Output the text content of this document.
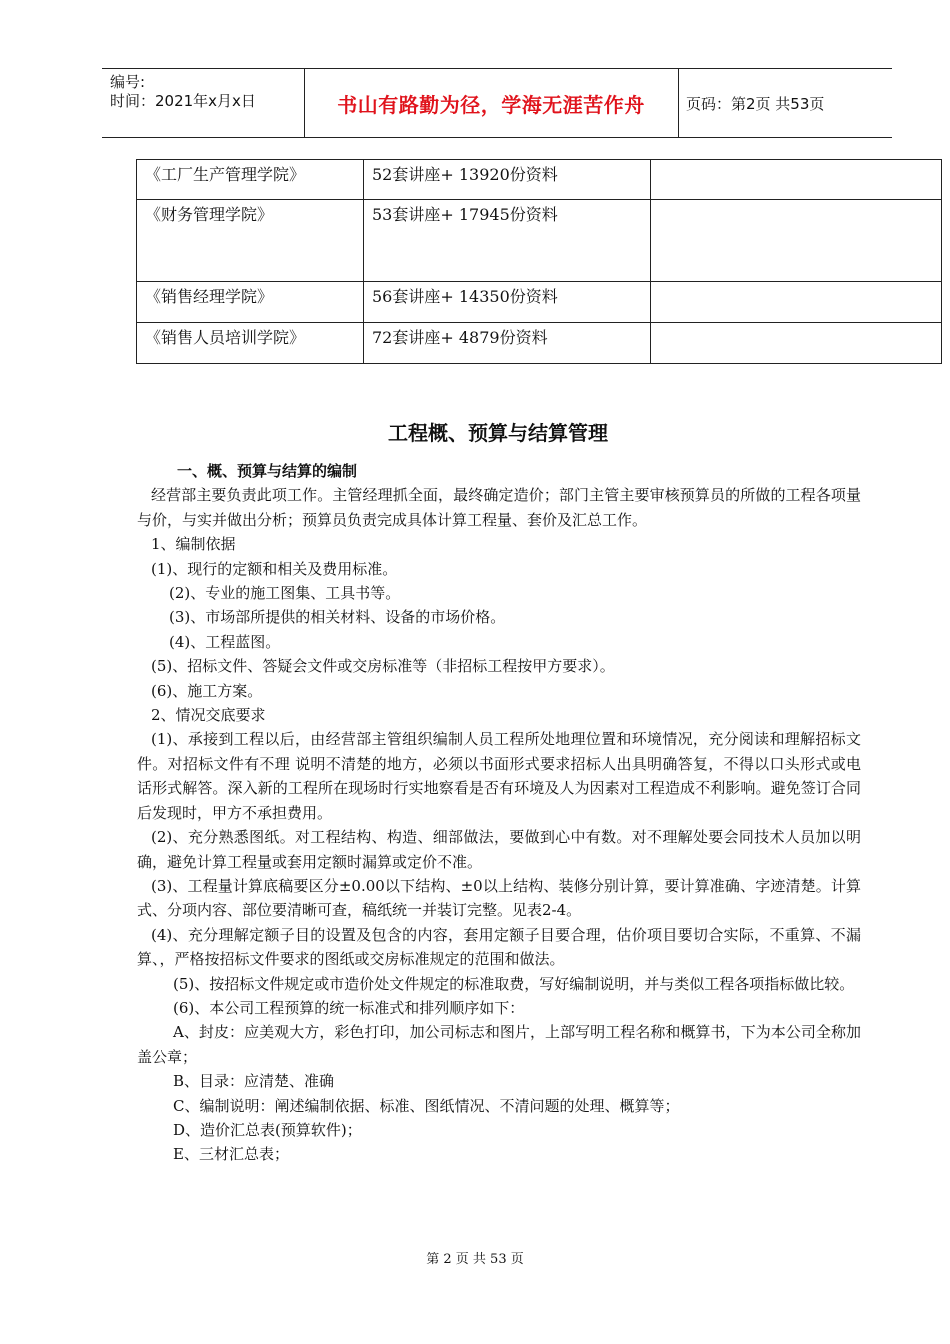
编号:
时间：2021年x月x日	书山有路勤为径，学海无涯苦作舟	页码：第2页 共53页
《工厂生产管理学院》	52套讲座+ 13920份资料	
《财务管理学院》	53套讲座+ 17945份资料	

《销售经理学院》	56套讲座+ 14350份资料	
《销售人员培训学院》	72套讲座+ 4879份资料	
工程概、预算与结算管理

一、概、预算与结算的编制

经营部主要负责此项工作。主管经理抓全面，最终确定造价；部门主管主要审核预算员的所做的工程各项量与价，与实并做出分析；预算员负责完成具体计算工程量、套价及汇总工作。

1、编制依据

(1)、现行的定额和相关及费用标准。

(2)、专业的施工图集、工具书等。

(3)、市场部所提供的相关材料、设备的市场价格。

(4)、工程蓝图。

(5)、招标文件、答疑会文件或交房标准等（非招标工程按甲方要求）。

(6)、施工方案。

2、情况交底要求

(1)、承接到工程以后，由经营部主管组织编制人员工程所处地理位置和环境情况，充分阅读和理解招标文件。对招标文件有不理 说明不清楚的地方，必须以书面形式要求招标人出具明确答复，不得以口头形式或电话形式解答。深入新的工程所在现场时行实地察看是否有环境及人为因素对工程造成不利影响。避免签订合同后发现时，甲方不承担费用。

(2)、充分熟悉图纸。对工程结构、构造、细部做法，要做到心中有数。对不理解处要会同技术人员加以明确，避免计算工程量或套用定额时漏算或定价不准。

(3)、工程量计算底稿要区分±0.00以下结构、±0以上结构、装修分别计算，要计算准确、字迹清楚。计算式、分项内容、部位要清晰可查，稿纸统一并装订完整。见表2-4。

(4)、充分理解定额子目的设置及包含的内容，套用定额子目要合理，估价项目要切合实际，不重算、不漏算、，严格按招标文件要求的图纸或交房标准规定的范围和做法。

(5)、按招标文件规定或市造价处文件规定的标准取费，写好编制说明，并与类似工程各项指标做比较。

(6)、本公司工程预算的统一标准式和排列顺序如下：

A、封皮：应美观大方，彩色打印，加公司标志和图片，上部写明工程名称和概算书，下为本公司全称加盖公章；

B、目录：应清楚、准确

C、编制说明：阐述编制依据、标准、图纸情况、不清问题的处理、概算等；

D、造价汇总表(预算软件)；

E、三材汇总表；

第 2 页 共 53 页
